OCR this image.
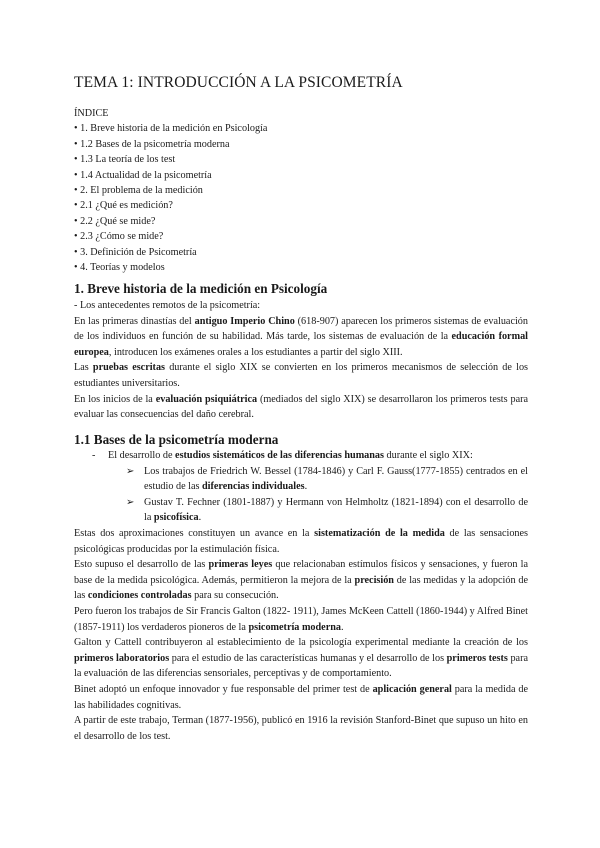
TEMA 1: INTRODUCCIÓN A LA PSICOMETRÍA
ÍNDICE
• 1. Breve historia de la medición en Psicología
• 1.2 Bases de la psicometría moderna
• 1.3 La teoría de los test
• 1.4 Actualidad de la psicometría
• 2. El problema de la medición
• 2.1 ¿Qué es medición?
• 2.2 ¿Qué se mide?
• 2.3 ¿Cómo se mide?
• 3. Definición de Psicometría
• 4. Teorías y modelos
1. Breve historia de la medición en Psicología

- Los antecedentes remotos de la psicometría:

En las primeras dinastías del antiguo Imperio Chino (618-907) aparecen los primeros sistemas de evaluación de los individuos en función de su habilidad. Más tarde, los sistemas de evaluación de la educación formal europea, introducen los exámenes orales a los estudiantes a partir del siglo XIII.

Las pruebas escritas durante el siglo XIX se convierten en los primeros mecanismos de selección de los estudiantes universitarios.

En los inicios de la evaluación psiquiátrica (mediados del siglo XIX) se desarrollaron los primeros tests para evaluar las consecuencias del daño cerebral.

1.1 Bases de la psicometría moderna

- El desarrollo de estudios sistemáticos de las diferencias humanas durante el siglo XIX:

➢ Los trabajos de Friedrich W. Bessel (1784-1846) y Carl F. Gauss(1777-1855) centrados en el estudio de las diferencias individuales.

➢ Gustav T. Fechner (1801-1887) y Hermann von Helmholtz (1821-1894) con el desarrollo de la psicofísica.

Estas dos aproximaciones constituyen un avance en la sistematización de la medida de las sensaciones psicológicas producidas por la estimulación física.

Esto supuso el desarrollo de las primeras leyes que relacionaban estímulos físicos y sensaciones, y fueron la base de la medida psicológica. Además, permitieron la mejora de la precisión de las medidas y la adopción de las condiciones controladas para su consecución.

Pero fueron los trabajos de Sir Francis Galton (1822- 1911), James McKeen Cattell (1860-1944) y Alfred Binet (1857-1911) los verdaderos pioneros de la psicometría moderna.

Galton y Cattell contribuyeron al establecimiento de la psicología experimental mediante la creación de los primeros laboratorios para el estudio de las características humanas y el desarrollo de los primeros tests para la evaluación de las diferencias sensoriales, perceptivas y de comportamiento.

Binet adoptó un enfoque innovador y fue responsable del primer test de aplicación general para la medida de las habilidades cognitivas.

A partir de este trabajo, Terman (1877-1956), publicó en 1916 la revisión Stanford-Binet que supuso un hito en el desarrollo de los test.
